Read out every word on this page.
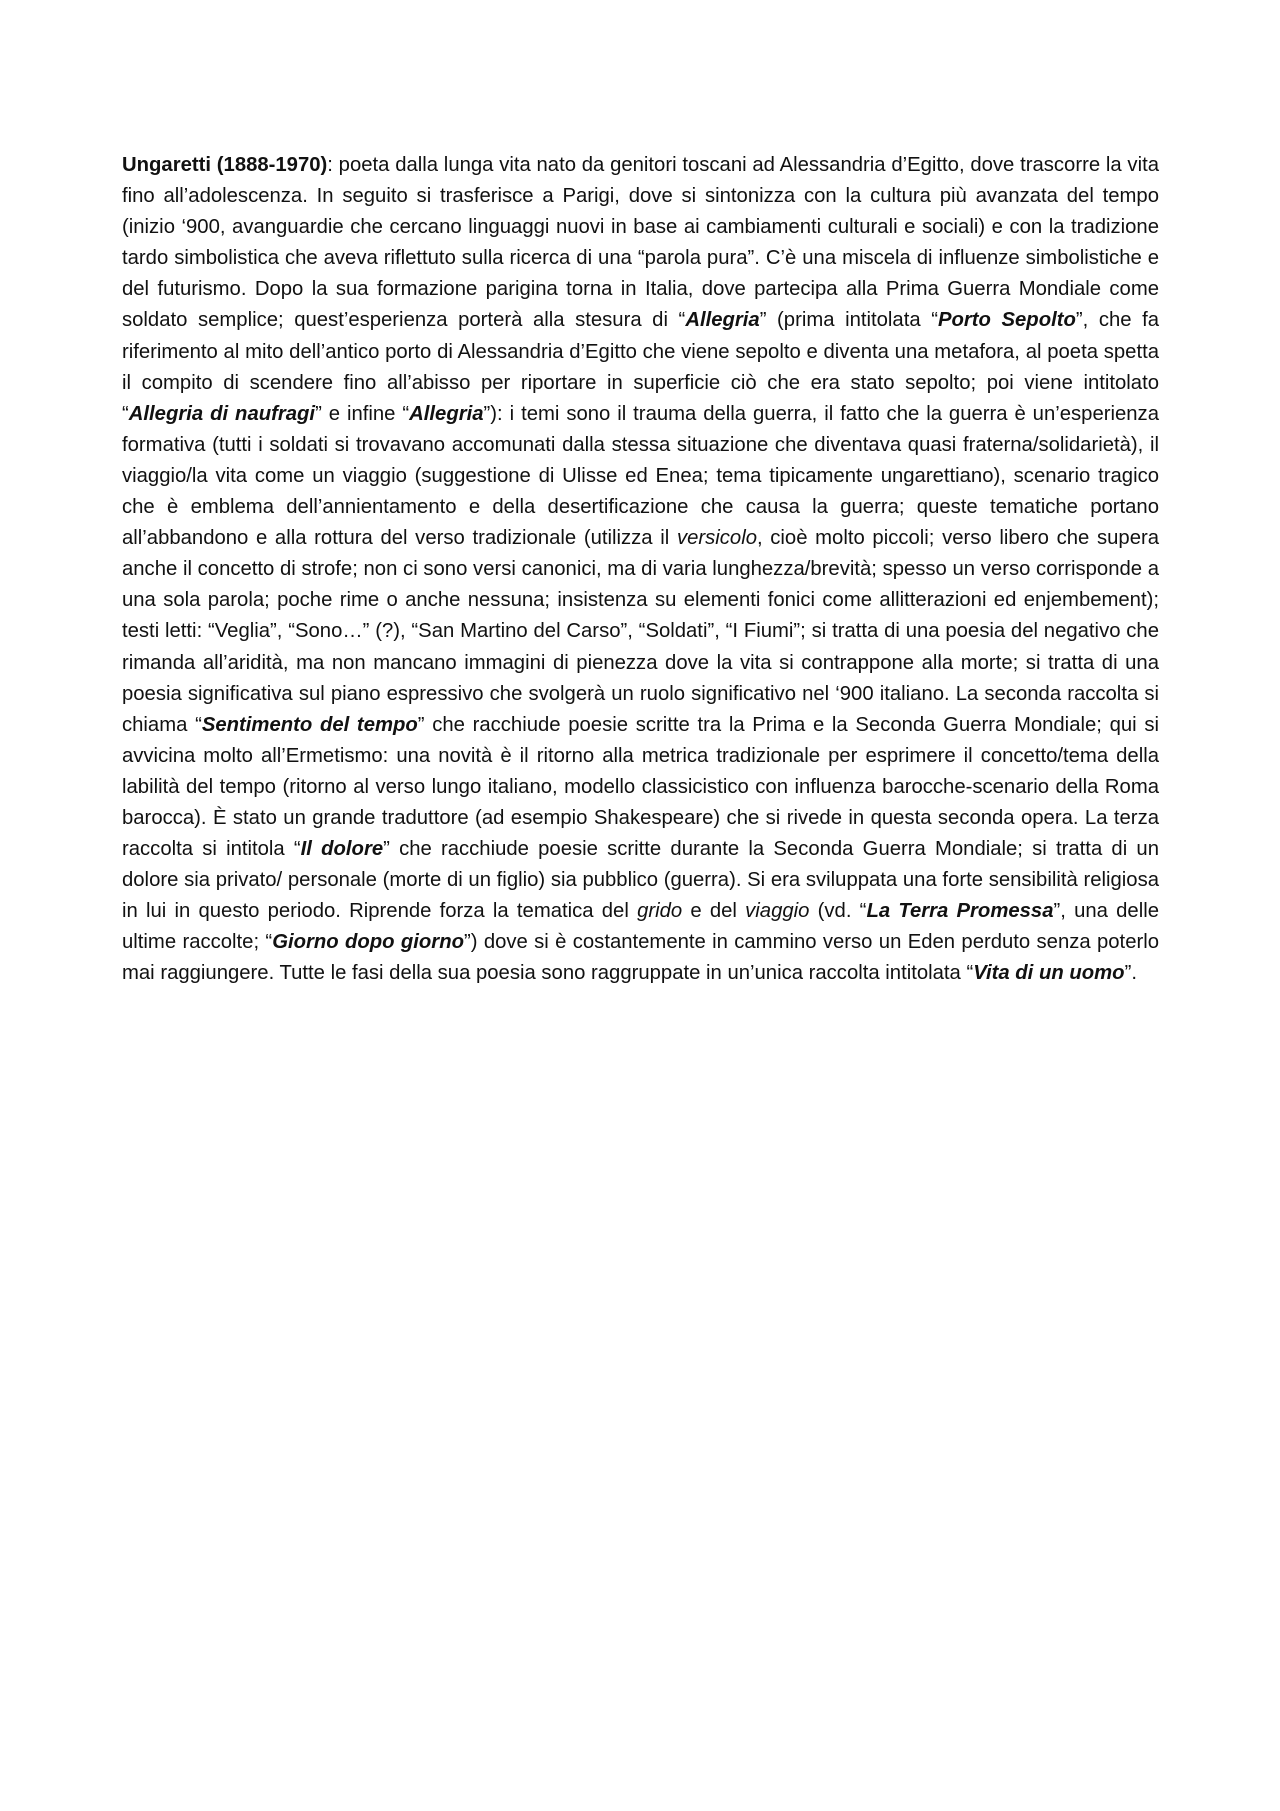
Ungaretti (1888-1970): poeta dalla lunga vita nato da genitori toscani ad Alessandria d’Egitto, dove trascorre la vita fino all’adolescenza. In seguito si trasferisce a Parigi, dove si sintonizza con la cultura più avanzata del tempo (inizio ‘900, avanguardie che cercano linguaggi nuovi in base ai cambiamenti culturali e sociali) e con la tradizione tardo simbolistica che aveva riflettuto sulla ricerca di una “parola pura”. C’è una miscela di influenze simbolistiche e del futurismo. Dopo la sua formazione parigina torna in Italia, dove partecipa alla Prima Guerra Mondiale come soldato semplice; quest’esperienza porterà alla stesura di “Allegria” (prima intitolata “Porto Sepolto”, che fa riferimento al mito dell’antico porto di Alessandria d’Egitto che viene sepolto e diventa una metafora, al poeta spetta il compito di scendere fino all’abisso per riportare in superficie ciò che era stato sepolto; poi viene intitolato “Allegria di naufragi” e infine “Allegria”): i temi sono il trauma della guerra, il fatto che la guerra è un’esperienza formativa (tutti i soldati si trovavano accomunati dalla stessa situazione che diventava quasi fraterna/solidarietà), il viaggio/la vita come un viaggio (suggestione di Ulisse ed Enea; tema tipicamente ungarettiano), scenario tragico che è emblema dell’annientamento e della desertificazione che causa la guerra; queste tematiche portano all’abbandono e alla rottura del verso tradizionale (utilizza il versicolo, cioè molto piccoli; verso libero che supera anche il concetto di strofe; non ci sono versi canonici, ma di varia lunghezza/brevità; spesso un verso corrisponde a una sola parola; poche rime o anche nessuna; insistenza su elementi fonici come allitterazioni ed enjembement); testi letti: “Veglia”, “Sono…” (?), “San Martino del Carso”, “Soldati”, “I Fiumi”; si tratta di una poesia del negativo che rimanda all’aridità, ma non mancano immagini di pienezza dove la vita si contrappone alla morte; si tratta di una poesia significativa sul piano espressivo che svolgerà un ruolo significativo nel ‘900 italiano. La seconda raccolta si chiama “Sentimento del tempo” che racchiude poesie scritte tra la Prima e la Seconda Guerra Mondiale; qui si avvicina molto all’Ermetismo: una novità è il ritorno alla metrica tradizionale per esprimere il concetto/tema della labilità del tempo (ritorno al verso lungo italiano, modello classicistico con influenza barocche-scenario della Roma barocca). È stato un grande traduttore (ad esempio Shakespeare) che si rivede in questa seconda opera. La terza raccolta si intitola “Il dolore” che racchiude poesie scritte durante la Seconda Guerra Mondiale; si tratta di un dolore sia privato/ personale (morte di un figlio) sia pubblico (guerra). Si era sviluppata una forte sensibilità religiosa in lui in questo periodo. Riprende forza la tematica del grido e del viaggio (vd. “La Terra Promessa”, una delle ultime raccolte; “Giorno dopo giorno”) dove si è costantemente in cammino verso un Eden perduto senza poterlo mai raggiungere. Tutte le fasi della sua poesia sono raggruppate in un’unica raccolta intitolata “Vita di un uomo”.
